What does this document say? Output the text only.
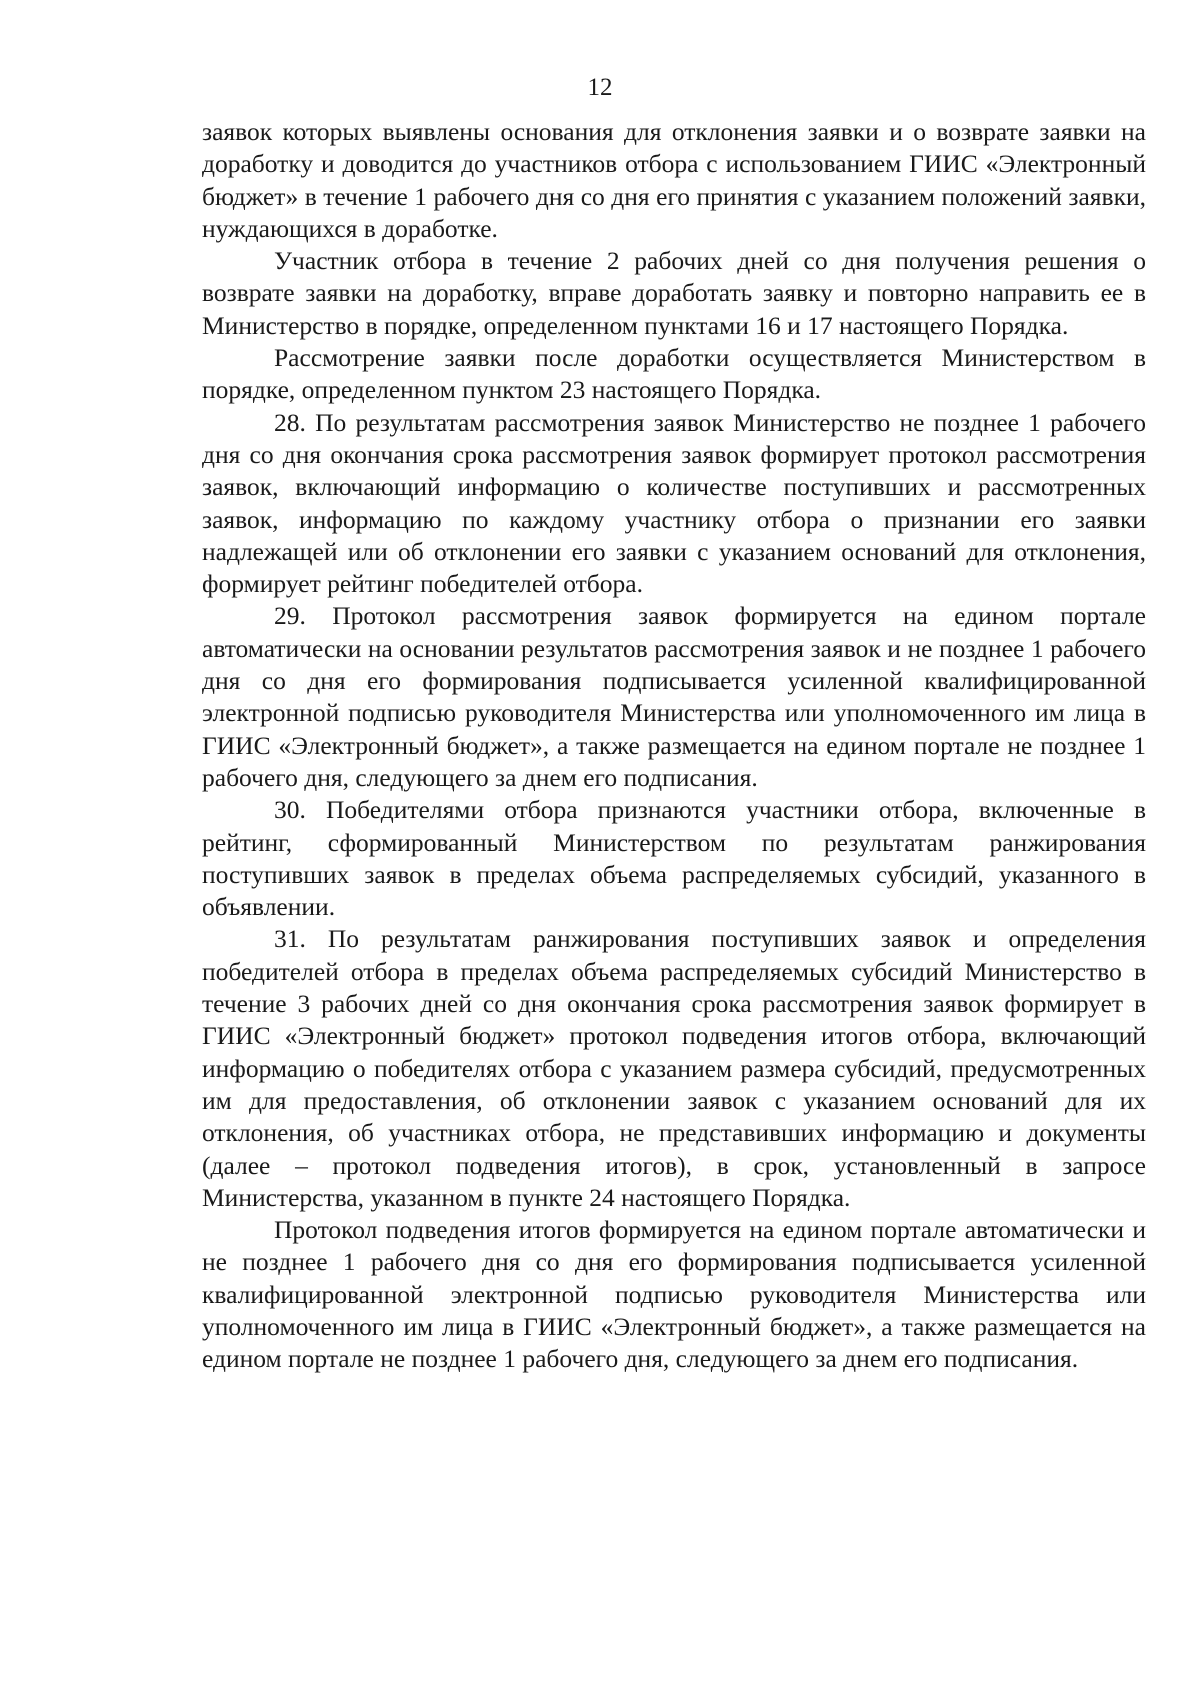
12

заявок которых выявлены основания для отклонения заявки и о возврате заявки на доработку и доводится до участников отбора с использованием ГИИС «Электронный бюджет» в течение 1 рабочего дня со дня его принятия с указанием положений заявки, нуждающихся в доработке.

Участник отбора в течение 2 рабочих дней со дня получения решения о возврате заявки на доработку, вправе доработать заявку и повторно направить ее в Министерство в порядке, определенном пунктами 16 и 17 настоящего Порядка.

Рассмотрение заявки после доработки осуществляется Министерством в порядке, определенном пунктом 23 настоящего Порядка.

28. По результатам рассмотрения заявок Министерство не позднее 1 рабочего дня со дня окончания срока рассмотрения заявок формирует протокол рассмотрения заявок, включающий информацию о количестве поступивших и рассмотренных заявок, информацию по каждому участнику отбора о признании его заявки надлежащей или об отклонении его заявки с указанием оснований для отклонения, формирует рейтинг победителей отбора.

29. Протокол рассмотрения заявок формируется на едином портале автоматически на основании результатов рассмотрения заявок и не позднее 1 рабочего дня со дня его формирования подписывается усиленной квалифицированной электронной подписью руководителя Министерства или уполномоченного им лица в ГИИС «Электронный бюджет», а также размещается на едином портале не позднее 1 рабочего дня, следующего за днем его подписания.

30. Победителями отбора признаются участники отбора, включенные в рейтинг, сформированный Министерством по результатам ранжирования поступивших заявок в пределах объема распределяемых субсидий, указанного в объявлении.

31. По результатам ранжирования поступивших заявок и определения победителей отбора в пределах объема распределяемых субсидий Министерство в течение 3 рабочих дней со дня окончания срока рассмотрения заявок формирует в ГИИС «Электронный бюджет» протокол подведения итогов отбора, включающий информацию о победителях отбора с указанием размера субсидий, предусмотренных им для предоставления, об отклонении заявок с указанием оснований для их отклонения, об участниках отбора, не представивших информацию и документы (далее – протокол подведения итогов), в срок, установленный в запросе Министерства, указанном в пункте 24 настоящего Порядка.

Протокол подведения итогов формируется на едином портале автоматически и не позднее 1 рабочего дня со дня его формирования подписывается усиленной квалифицированной электронной подписью руководителя Министерства или уполномоченного им лица в ГИИС «Электронный бюджет», а также размещается на едином портале не позднее 1 рабочего дня, следующего за днем его подписания.
